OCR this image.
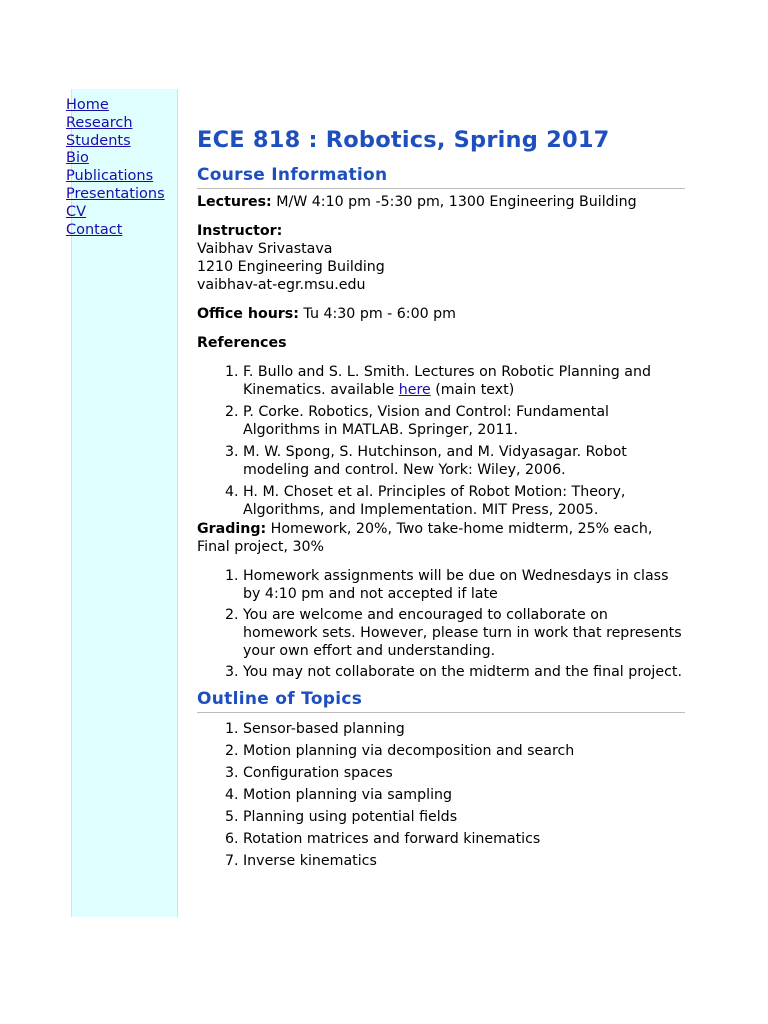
Home
Research
Students
Bio
Publications
Presentations
CV
Contact
ECE 818 : Robotics, Spring 2017
Course Information

Lectures: M/W 4:10 pm -5:30 pm, 1300 Engineering Building

Instructor:

Vaibhav Srivastava

1210 Engineering Building

vaibhav-at-egr.msu.edu

Office hours: Tu 4:30 pm - 6:00 pm

References

1. F. Bullo and S. L. Smith. Lectures on Robotic Planning and Kinematics. available here (main text)
2. P. Corke. Robotics, Vision and Control: Fundamental Algorithms in MATLAB. Springer, 2011.
3. M. W. Spong, S. Hutchinson, and M. Vidyasagar. Robot modeling and control. New York: Wiley, 2006.
4. H. M. Choset et al. Principles of Robot Motion: Theory, Algorithms, and Implementation. MIT Press, 2005.

Grading: Homework, 20%, Two take-home midterm, 25% each, Final project, 30%

1. Homework assignments will be due on Wednesdays in class by 4:10 pm and not accepted if late
2. You are welcome and encouraged to collaborate on homework sets. However, please turn in work that represents your own effort and understanding.
3. You may not collaborate on the midterm and the final project.
Outline of Topics
1. Sensor-based planning
2. Motion planning via decomposition and search
3. Configuration spaces
4. Motion planning via sampling
5. Planning using potential fields
6. Rotation matrices and forward kinematics
7. Inverse kinematics
